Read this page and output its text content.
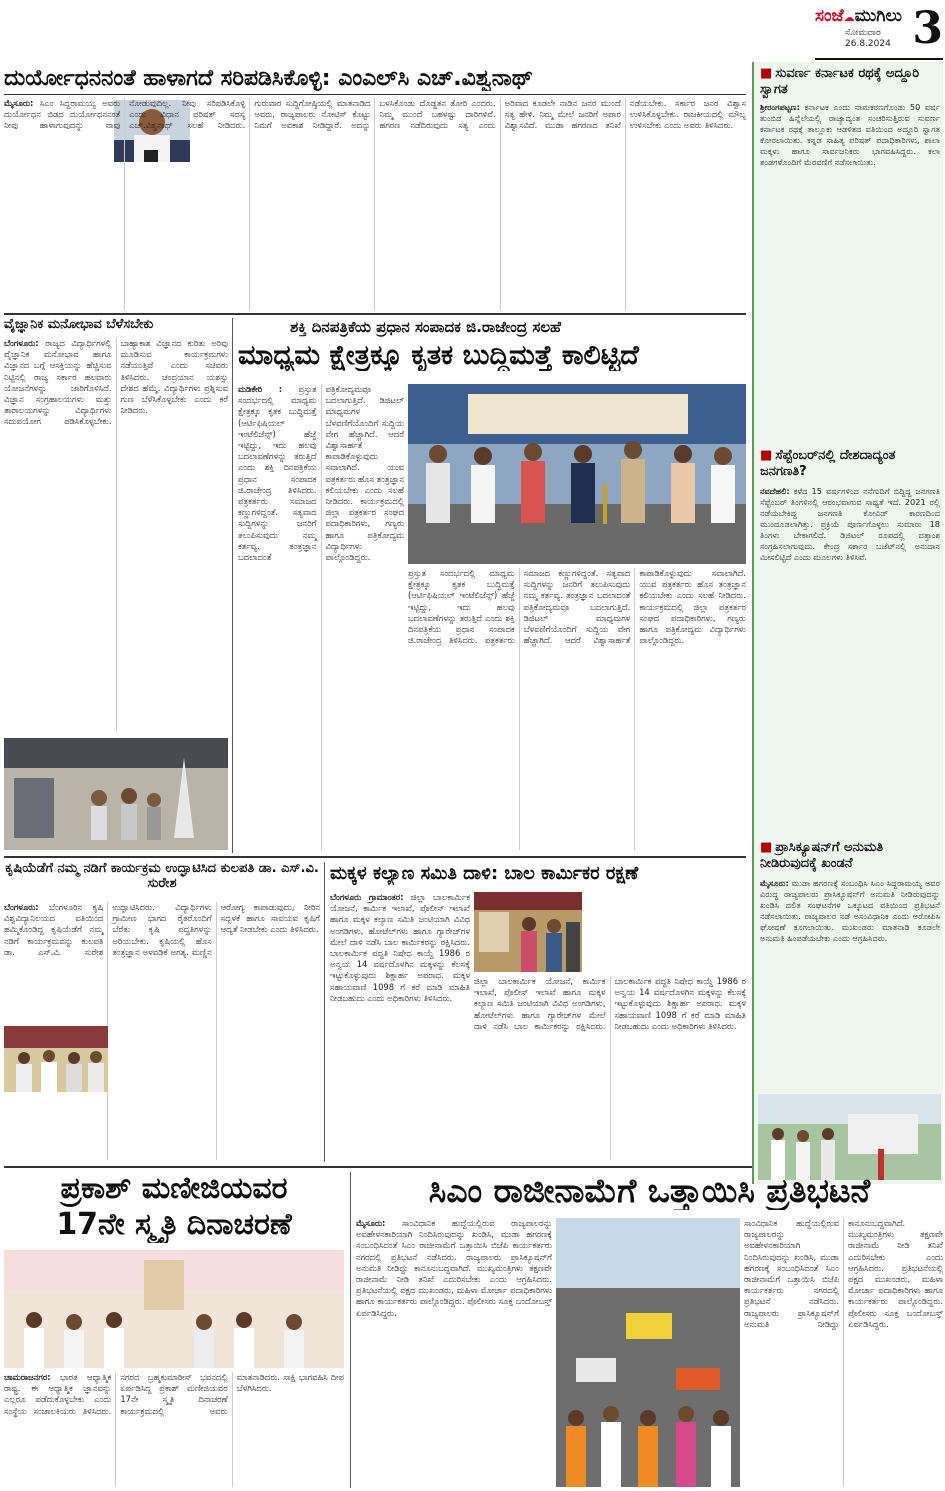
ಸಂಜೆ☁ಮುಗಿಲು
ಸೋಮವಾರ
26.8.2024 3
ದುರ್ಯೋಧನನಂತೆ ಹಾಳಾಗದೆ ಸರಿಪಡಿಸಿಕೊಳ್ಳಿ: ಎಂಎಲ್‌ಸಿ ಎಚ್.ವಿಶ್ವನಾಥ್
ಮೈಸೂರು: ಸಿಎಂ ಸಿದ್ದರಾಮಯ್ಯ ಅವರು ದುರ್ಯೋಧನ ಬಿಡದ ದುರ್ಯೋಧನನಂತೆ ನೀವು ಹಾಳಾಗುವುದನ್ನು ನಾವು ನೋಡುವುದಿಲ್ಲ. ನೀವು ಸರಿಪಡಿಸಿಕೊಳ್ಳಿ ಎಂದು ವಿಧಾನ ಪರಿಷತ್ ಸದಸ್ಯ ಎಚ್.ವಿಶ್ವನಾಥ್ ಸಲಹೆ ನೀಡಿದರು. ಗುರುವಾರ ಸುದ್ದಿಗೋಷ್ಠಿಯಲ್ಲಿ ಮಾತನಾಡಿದ ಅವರು, ರಾಜ್ಯಪಾಲರು ನೋಟಿಸ್ ಕೊಟ್ಟು ನಿಮಗೆ ಅವಕಾಶ ನೀಡಿದ್ದಾರೆ. ಅದನ್ನು ಬಳಸಿಕೊಂಡು ದೊಡ್ಡತನ ತೋರಿ ಎಂದರು. ನಿಮ್ಮ ಮುಂದೆ ಬಹಳಷ್ಟು ದಾರಿಗಳಿವೆ. ಹಗರಣ ನಡೆದಿರುವುದು ಸತ್ಯ ಎಂದು ಅರಿವಾದ ಕೂಡಲೇ ನಾಡಿನ ಜನರ ಮುಂದೆ ಸತ್ಯ ಹೇಳಿ. ನಿಮ್ಮ ಮೇಲೆ ಜನರಿಗೆ ಅಪಾರ ವಿಶ್ವಾಸವಿದೆ. ಮುಡಾ ಹಗರಣದ ತನಿಖೆ ನಡೆಯಬೇಕು. ಸರ್ಕಾರ ಜನರ ವಿಶ್ವಾಸ ಉಳಿಸಿಕೊಳ್ಳಬೇಕು. ರಾಜಕೀಯದಲ್ಲಿ ಮೌಲ್ಯ ಉಳಿಸಬೇಕು ಎಂದು ಅವರು ತಿಳಿಸಿದರು.
ವೈಜ್ಞಾನಿಕ ಮನೋಭಾವ ಬೆಳೆಸಬೇಕು
ಬೆಂಗಳೂರು: ರಾಜ್ಯದ ವಿದ್ಯಾರ್ಥಿಗಳಲ್ಲಿ ವೈಜ್ಞಾನಿಕ ಮನೋಭಾವ ಹಾಗೂ ವಿಜ್ಞಾನದ ಬಗ್ಗೆ ಆಸಕ್ತಿಯನ್ನು ಹೆಚ್ಚಿಸುವ ನಿಟ್ಟಿನಲ್ಲಿ ರಾಜ್ಯ ಸರ್ಕಾರ ಹಲವಾರು ಯೋಜನೆಗಳನ್ನು ಜಾರಿಗೊಳಿಸಿದೆ. ವಿಜ್ಞಾನ ಸಂಗ್ರಹಾಲಯಗಳು ಮತ್ತು ತಾರಾಲಯಗಳನ್ನು ವಿದ್ಯಾರ್ಥಿಗಳು ಸದುಪಯೋಗ ಪಡಿಸಿಕೊಳ್ಳಬೇಕು. ಬಾಹ್ಯಾಕಾಶ ವಿಜ್ಞಾನದ ಕುರಿತು ಅರಿವು ಮೂಡಿಸುವ ಕಾರ್ಯಕ್ರಮಗಳು ನಡೆಯುತ್ತಿವೆ ಎಂದು ಸಚಿವರು ತಿಳಿಸಿದರು. ಚಂದ್ರಯಾನ ಯಶಸ್ಸು ದೇಶದ ಹೆಮ್ಮೆ. ವಿದ್ಯಾರ್ಥಿಗಳು ಪ್ರಶ್ನಿಸುವ ಗುಣ ಬೆಳೆಸಿಕೊಳ್ಳಬೇಕು ಎಂದು ಕರೆ ನೀಡಿದರು.
ಶಕ್ತಿ ದಿನಪತ್ರಿಕೆಯ ಪ್ರಧಾನ ಸಂಪಾದಕ ಜಿ.ರಾಜೇಂದ್ರ ಸಲಹೆ
ಮಾಧ್ಯಮ ಕ್ಷೇತ್ರಕ್ಕೂ ಕೃತಕ ಬುದ್ಧಿಮತ್ತೆ ಕಾಲಿಟ್ಟಿದೆ
ಮಡಿಕೇರಿ : ಪ್ರಸ್ತುತ ಸಂದರ್ಭದಲ್ಲಿ ಮಾಧ್ಯಮ ಕ್ಷೇತ್ರಕ್ಕೂ ಕೃತಕ ಬುದ್ಧಿಮತ್ತೆ (ಆರ್ಟಿಫಿಷಿಯಲ್ ಇಂಟೆಲಿಜೆನ್ಸ್) ಹೆಜ್ಜೆ ಇಟ್ಟಿದ್ದು, ಇದು ಹಲವು ಬದಲಾವಣೆಗಳನ್ನು ತರುತ್ತಿದೆ ಎಂದು ಶಕ್ತಿ ದಿನಪತ್ರಿಕೆಯ ಪ್ರಧಾನ ಸಂಪಾದಕ ಜಿ.ರಾಜೇಂದ್ರ ತಿಳಿಸಿದರು. ಪತ್ರಕರ್ತರು ಸಮಾಜದ ಕಣ್ಣುಗಳಿದ್ದಂತೆ. ಸತ್ಯವಾದ ಸುದ್ದಿಗಳನ್ನು ಜನರಿಗೆ ತಲುಪಿಸುವುದು ನಮ್ಮ ಕರ್ತವ್ಯ. ತಂತ್ರಜ್ಞಾನ ಬದಲಾದಂತೆ ಪತ್ರಿಕೋದ್ಯಮವೂ ಬದಲಾಗುತ್ತಿದೆ. ಡಿಜಿಟಲ್ ಮಾಧ್ಯಮಗಳ ಬೆಳವಣಿಗೆಯೊಂದಿಗೆ ಸುದ್ದಿಯ ವೇಗ ಹೆಚ್ಚಾಗಿದೆ. ಆದರೆ ವಿಶ್ವಾಸಾರ್ಹತೆ ಕಾಪಾಡಿಕೊಳ್ಳುವುದು ಸವಾಲಾಗಿದೆ. ಯುವ ಪತ್ರಕರ್ತರು ಹೊಸ ತಂತ್ರಜ್ಞಾನ ಕಲಿಯಬೇಕು ಎಂದು ಸಲಹೆ ನೀಡಿದರು. ಕಾರ್ಯಕ್ರಮದಲ್ಲಿ ಜಿಲ್ಲಾ ಪತ್ರಕರ್ತರ ಸಂಘದ ಪದಾಧಿಕಾರಿಗಳು, ಗಣ್ಯರು ಹಾಗೂ ಪತ್ರಿಕೋದ್ಯಮ ವಿದ್ಯಾರ್ಥಿಗಳು ಪಾಲ್ಗೊಂಡಿದ್ದರು.
ಪ್ರಸ್ತುತ ಸಂದರ್ಭದಲ್ಲಿ ಮಾಧ್ಯಮ ಕ್ಷೇತ್ರಕ್ಕೂ ಕೃತಕ ಬುದ್ಧಿಮತ್ತೆ (ಆರ್ಟಿಫಿಷಿಯಲ್ ಇಂಟೆಲಿಜೆನ್ಸ್) ಹೆಜ್ಜೆ ಇಟ್ಟಿದ್ದು, ಇದು ಹಲವು ಬದಲಾವಣೆಗಳನ್ನು ತರುತ್ತಿದೆ ಎಂದು ಶಕ್ತಿ ದಿನಪತ್ರಿಕೆಯ ಪ್ರಧಾನ ಸಂಪಾದಕ ಜಿ.ರಾಜೇಂದ್ರ ತಿಳಿಸಿದರು. ಪತ್ರಕರ್ತರು ಸಮಾಜದ ಕಣ್ಣುಗಳಿದ್ದಂತೆ. ಸತ್ಯವಾದ ಸುದ್ದಿಗಳನ್ನು ಜನರಿಗೆ ತಲುಪಿಸುವುದು ನಮ್ಮ ಕರ್ತವ್ಯ. ತಂತ್ರಜ್ಞಾನ ಬದಲಾದಂತೆ ಪತ್ರಿಕೋದ್ಯಮವೂ ಬದಲಾಗುತ್ತಿದೆ. ಡಿಜಿಟಲ್ ಮಾಧ್ಯಮಗಳ ಬೆಳವಣಿಗೆಯೊಂದಿಗೆ ಸುದ್ದಿಯ ವೇಗ ಹೆಚ್ಚಾಗಿದೆ. ಆದರೆ ವಿಶ್ವಾಸಾರ್ಹತೆ ಕಾಪಾಡಿಕೊಳ್ಳುವುದು ಸವಾಲಾಗಿದೆ. ಯುವ ಪತ್ರಕರ್ತರು ಹೊಸ ತಂತ್ರಜ್ಞಾನ ಕಲಿಯಬೇಕು ಎಂದು ಸಲಹೆ ನೀಡಿದರು. ಕಾರ್ಯಕ್ರಮದಲ್ಲಿ ಜಿಲ್ಲಾ ಪತ್ರಕರ್ತರ ಸಂಘದ ಪದಾಧಿಕಾರಿಗಳು, ಗಣ್ಯರು ಹಾಗೂ ಪತ್ರಿಕೋದ್ಯಮ ವಿದ್ಯಾರ್ಥಿಗಳು ಪಾಲ್ಗೊಂಡಿದ್ದರು.
ಕೃಷಿಯೆಡೆಗೆ ನಮ್ಮ ನಡಿಗೆ ಕಾರ್ಯಕ್ರಮ ಉದ್ಘಾಟಿಸಿದ ಕುಲಪತಿ ಡಾ. ಎಸ್.ವಿ. ಸುರೇಶ
ಬೆಂಗಳೂರು: ಬೆಂಗಳೂರಿನ ಕೃಷಿ ವಿಶ್ವವಿದ್ಯಾನಿಲಯದ ವತಿಯಿಂದ ಹಮ್ಮಿಕೊಂಡಿದ್ದ ಕೃಷಿಯೆಡೆಗೆ ನಮ್ಮ ನಡಿಗೆ ಕಾರ್ಯಕ್ರಮವನ್ನು ಕುಲಪತಿ ಡಾ. ಎಸ್.ವಿ. ಸುರೇಶ ಉದ್ಘಾಟಿಸಿದರು. ವಿದ್ಯಾರ್ಥಿಗಳು ಗ್ರಾಮೀಣ ಭಾಗದ ರೈತರೊಂದಿಗೆ ಬೆರೆತು ಕೃಷಿ ಪದ್ಧತಿಗಳನ್ನು ಅರಿಯಬೇಕು. ಕೃಷಿಯಲ್ಲಿ ಹೊಸ ತಂತ್ರಜ್ಞಾನ ಅಳವಡಿಕೆ ಅಗತ್ಯ. ಮಣ್ಣಿನ ಆರೋಗ್ಯ ಕಾಪಾಡುವುದು, ನೀರಿನ ಸದ್ಬಳಕೆ ಹಾಗೂ ಸಾವಯವ ಕೃಷಿಗೆ ಆದ್ಯತೆ ನೀಡಬೇಕು ಎಂದು ತಿಳಿಸಿದರು.
ಮಕ್ಕಳ ಕಲ್ಯಾಣ ಸಮಿತಿ ದಾಳಿ: ಬಾಲ ಕಾರ್ಮಿಕರ ರಕ್ಷಣೆ
ಬೆಂಗಳೂರು ಗ್ರಾಮಾಂತರ: ಜಿಲ್ಲಾ ಬಾಲಕಾರ್ಮಿಕ ಯೋಜನೆ, ಕಾರ್ಮಿಕ ಇಲಾಖೆ, ಪೊಲೀಸ್ ಇಲಾಖೆ ಹಾಗೂ ಮಕ್ಕಳ ಕಲ್ಯಾಣ ಸಮಿತಿ ಜಂಟಿಯಾಗಿ ವಿವಿಧ ಅಂಗಡಿಗಳು, ಹೋಟೆಲ್‌ಗಳು ಹಾಗೂ ಗ್ಯಾರೇಜ್‌ಗಳ ಮೇಲೆ ದಾಳಿ ನಡೆಸಿ ಬಾಲ ಕಾರ್ಮಿಕರನ್ನು ರಕ್ಷಿಸಿದರು. ಬಾಲಕಾರ್ಮಿಕ ಪದ್ಧತಿ ನಿಷೇಧ ಕಾಯ್ದೆ 1986 ರ ಅನ್ವಯ 14 ವರ್ಷದೊಳಗಿನ ಮಕ್ಕಳನ್ನು ಕೆಲಸಕ್ಕೆ ಇಟ್ಟುಕೊಳ್ಳುವುದು ಶಿಕ್ಷಾರ್ಹ ಅಪರಾಧ. ಮಕ್ಕಳ ಸಹಾಯವಾಣಿ 1098 ಗೆ ಕರೆ ಮಾಡಿ ಮಾಹಿತಿ ನೀಡಬಹುದು ಎಂದು ಅಧಿಕಾರಿಗಳು ತಿಳಿಸಿದರು.
ಜಿಲ್ಲಾ ಬಾಲಕಾರ್ಮಿಕ ಯೋಜನೆ, ಕಾರ್ಮಿಕ ಇಲಾಖೆ, ಪೊಲೀಸ್ ಇಲಾಖೆ ಹಾಗೂ ಮಕ್ಕಳ ಕಲ್ಯಾಣ ಸಮಿತಿ ಜಂಟಿಯಾಗಿ ವಿವಿಧ ಅಂಗಡಿಗಳು, ಹೋಟೆಲ್‌ಗಳು ಹಾಗೂ ಗ್ಯಾರೇಜ್‌ಗಳ ಮೇಲೆ ದಾಳಿ ನಡೆಸಿ ಬಾಲ ಕಾರ್ಮಿಕರನ್ನು ರಕ್ಷಿಸಿದರು. ಬಾಲಕಾರ್ಮಿಕ ಪದ್ಧತಿ ನಿಷೇಧ ಕಾಯ್ದೆ 1986 ರ ಅನ್ವಯ 14 ವರ್ಷದೊಳಗಿನ ಮಕ್ಕಳನ್ನು ಕೆಲಸಕ್ಕೆ ಇಟ್ಟುಕೊಳ್ಳುವುದು ಶಿಕ್ಷಾರ್ಹ ಅಪರಾಧ. ಮಕ್ಕಳ ಸಹಾಯವಾಣಿ 1098 ಗೆ ಕರೆ ಮಾಡಿ ಮಾಹಿತಿ ನೀಡಬಹುದು ಎಂದು ಅಧಿಕಾರಿಗಳು ತಿಳಿಸಿದರು.
■ ಸುವರ್ಣ ಕರ್ನಾಟಕ ರಥಕ್ಕೆ ಅದ್ದೂರಿ ಸ್ವಾಗತ
ಶ್ರೀರಂಗಪಟ್ಟಣ: ಕರ್ನಾಟಕ ಎಂದು ನಾಮಕರಣಗೊಂಡು 50 ವರ್ಷ ತುಂಬಿದ ಹಿನ್ನೆಲೆಯಲ್ಲಿ ರಾಜ್ಯಾದ್ಯಂತ ಸಂಚರಿಸುತ್ತಿರುವ ಸುವರ್ಣ ಕರ್ನಾಟಕ ರಥಕ್ಕೆ ತಾಲ್ಲೂಕು ಆಡಳಿತದ ವತಿಯಿಂದ ಅದ್ದೂರಿ ಸ್ವಾಗತ ಕೋರಲಾಯಿತು. ಕನ್ನಡ ಸಾಹಿತ್ಯ ಪರಿಷತ್ ಪದಾಧಿಕಾರಿಗಳು, ಶಾಲಾ ಮಕ್ಕಳು ಹಾಗೂ ಸಾರ್ವಜನಿಕರು ಭಾಗವಹಿಸಿದ್ದರು. ಕಲಾ ತಂಡಗಳೊಂದಿಗೆ ಮೆರವಣಿಗೆ ನಡೆಸಲಾಯಿತು.
■ ಸೆಪ್ಟೆಂಬರ್‌ನಲ್ಲಿ ದೇಶದಾದ್ಯಂತ ಜನಗಣತಿ?
ನವದೆಹಲಿ: ಕಳೆದ 15 ವರ್ಷಗಳಿಂದ ನನೆಗುದಿಗೆ ಬಿದ್ದಿದ್ದ ಜನಗಣತಿ ಸೆಪ್ಟೆಂಬರ್ ತಿಂಗಳಿನಲ್ಲಿ ಆರಂಭವಾಗುವ ಸಾಧ್ಯತೆ ಇದೆ. 2021 ರಲ್ಲಿ ನಡೆಯಬೇಕಿದ್ದ ಜನಗಣತಿ ಕೋವಿಡ್ ಕಾರಣದಿಂದ ಮುಂದೂಡಲಾಗಿತ್ತು. ಪ್ರಕ್ರಿಯೆ ಪೂರ್ಣಗೊಳ್ಳಲು ಸುಮಾರು 18 ತಿಂಗಳು ಬೇಕಾಗಲಿದೆ. ಡಿಜಿಟಲ್ ರೂಪದಲ್ಲಿ ದತ್ತಾಂಶ ಸಂಗ್ರಹಿಸಲಾಗುವುದು. ಕೇಂದ್ರ ಸರ್ಕಾರ ಬಜೆಟ್‌ನಲ್ಲಿ ಅನುದಾನ ಮೀಸಲಿಟ್ಟಿದೆ ಎಂದು ಮೂಲಗಳು ತಿಳಿಸಿವೆ.
■ ಪ್ರಾಸಿಕ್ಯೂಷನ್‌ಗೆ ಅನುಮತಿ ನೀಡಿರುವುದಕ್ಕೆ ಖಂಡನೆ
ಮೈಸೂರು: ಮುಡಾ ಹಗರಣಕ್ಕೆ ಸಂಬಂಧಿಸಿ ಸಿಎಂ ಸಿದ್ದರಾಮಯ್ಯ ಅವರ ವಿರುದ್ಧ ರಾಜ್ಯಪಾಲರು ಪ್ರಾಸಿಕ್ಯೂಷನ್‌ಗೆ ಅನುಮತಿ ನೀಡಿರುವುದನ್ನು ಖಂಡಿಸಿ ದಲಿತ ಸಂಘಟನೆಗಳ ಒಕ್ಕೂಟದ ವತಿಯಿಂದ ಪ್ರತಿಭಟನೆ ನಡೆಸಲಾಯಿತು. ರಾಜ್ಯಪಾಲರ ನಡೆ ಅಸಂವಿಧಾನಿಕ ಎಂದು ಆರೋಪಿಸಿ ಘೋಷಣೆ ಕೂಗಲಾಯಿತು. ಮುಖಂಡರು ಮಾತನಾಡಿ ಕೂಡಲೇ ಅನುಮತಿ ಹಿಂಪಡೆಯಬೇಕು ಎಂದು ಆಗ್ರಹಿಸಿದರು.
ಪ್ರಕಾಶ್ ಮಣೀಜಿಯವರ
17ನೇ ಸ್ಮೃತಿ ದಿನಾಚರಣೆ
ಚಾಮರಾಜನಗರ: ಭಾರತ ಆಧ್ಯಾತ್ಮಿಕ ರಾಷ್ಟ್ರ. ಈ ಆಧ್ಯಾತ್ಮಿಕ ಜ್ಞಾನವನ್ನು ಎಲ್ಲರೂ ಪಡೆದುಕೊಳ್ಳಬೇಕು ಎಂದು ಸಂಸ್ಥೆಯ ಸಂಚಾಲಕಿಯರು ತಿಳಿಸಿದರು. ನಗರದ ಬ್ರಹ್ಮಕುಮಾರೀಸ್ ಭವನದಲ್ಲಿ ಏರ್ಪಡಿಸಿದ್ದ ಪ್ರಕಾಶ್ ಮಣೀಜಿಯವರ 17ನೇ ಸ್ಮೃತಿ ದಿನಾಚರಣೆ ಕಾರ್ಯಕ್ರಮದಲ್ಲಿ ಅವರು ಮಾತನಾಡಿದರು. ಸಾಕ್ಷಿ ಭಾಗವಹಿಸಿ ದೀಪ ಬೆಳಗಿಸಿದರು.
ಸಿಎಂ ರಾಜೀನಾಮೆಗೆ ಒತ್ತಾಯಿಸಿ ಪ್ರತಿಭಟನೆ
ಮೈಸೂರು: ಸಾಂವಿಧಾನಿಕ ಹುದ್ದೆಯಲ್ಲಿರುವ ರಾಜ್ಯಪಾಲರನ್ನು ಅವಹೇಳನಕಾರಿಯಾಗಿ ನಿಂದಿಸಿರುವುದನ್ನು ಖಂಡಿಸಿ, ಮುಡಾ ಹಗರಣಕ್ಕೆ ಸಂಬಂಧಿಸಿದಂತೆ ಸಿಎಂ ರಾಜೀನಾಮೆಗೆ ಒತ್ತಾಯಿಸಿ ಬಿಜೆಪಿ ಕಾರ್ಯಕರ್ತರು ನಗರದಲ್ಲಿ ಪ್ರತಿಭಟನೆ ನಡೆಸಿದರು. ರಾಜ್ಯಪಾಲರು ಪ್ರಾಸಿಕ್ಯೂಷನ್‌ಗೆ ಅನುಮತಿ ನೀಡಿದ್ದು ಕಾನೂನುಬದ್ಧವಾಗಿದೆ. ಮುಖ್ಯಮಂತ್ರಿಗಳು ತಕ್ಷಣವೇ ರಾಜೀನಾಮೆ ನೀಡಿ ತನಿಖೆ ಎದುರಿಸಬೇಕು ಎಂದು ಆಗ್ರಹಿಸಿದರು. ಪ್ರತಿಭಟನೆಯಲ್ಲಿ ಪಕ್ಷದ ಮುಖಂಡರು, ಮಹಿಳಾ ಮೋರ್ಚಾ ಪದಾಧಿಕಾರಿಗಳು ಹಾಗೂ ಕಾರ್ಯಕರ್ತರು ಪಾಲ್ಗೊಂಡಿದ್ದರು. ಪೊಲೀಸರು ಸೂಕ್ತ ಬಂದೋಬಸ್ತ್ ಏರ್ಪಡಿಸಿದ್ದರು.
ಸಾಂವಿಧಾನಿಕ ಹುದ್ದೆಯಲ್ಲಿರುವ ರಾಜ್ಯಪಾಲರನ್ನು ಅವಹೇಳನಕಾರಿಯಾಗಿ ನಿಂದಿಸಿರುವುದನ್ನು ಖಂಡಿಸಿ, ಮುಡಾ ಹಗರಣಕ್ಕೆ ಸಂಬಂಧಿಸಿದಂತೆ ಸಿಎಂ ರಾಜೀನಾಮೆಗೆ ಒತ್ತಾಯಿಸಿ ಬಿಜೆಪಿ ಕಾರ್ಯಕರ್ತರು ನಗರದಲ್ಲಿ ಪ್ರತಿಭಟನೆ ನಡೆಸಿದರು. ರಾಜ್ಯಪಾಲರು ಪ್ರಾಸಿಕ್ಯೂಷನ್‌ಗೆ ಅನುಮತಿ ನೀಡಿದ್ದು ಕಾನೂನುಬದ್ಧವಾಗಿದೆ. ಮುಖ್ಯಮಂತ್ರಿಗಳು ತಕ್ಷಣವೇ ರಾಜೀನಾಮೆ ನೀಡಿ ತನಿಖೆ ಎದುರಿಸಬೇಕು ಎಂದು ಆಗ್ರಹಿಸಿದರು. ಪ್ರತಿಭಟನೆಯಲ್ಲಿ ಪಕ್ಷದ ಮುಖಂಡರು, ಮಹಿಳಾ ಮೋರ್ಚಾ ಪದಾಧಿಕಾರಿಗಳು ಹಾಗೂ ಕಾರ್ಯಕರ್ತರು ಪಾಲ್ಗೊಂಡಿದ್ದರು. ಪೊಲೀಸರು ಸೂಕ್ತ ಬಂದೋಬಸ್ತ್ ಏರ್ಪಡಿಸಿದ್ದರು.
